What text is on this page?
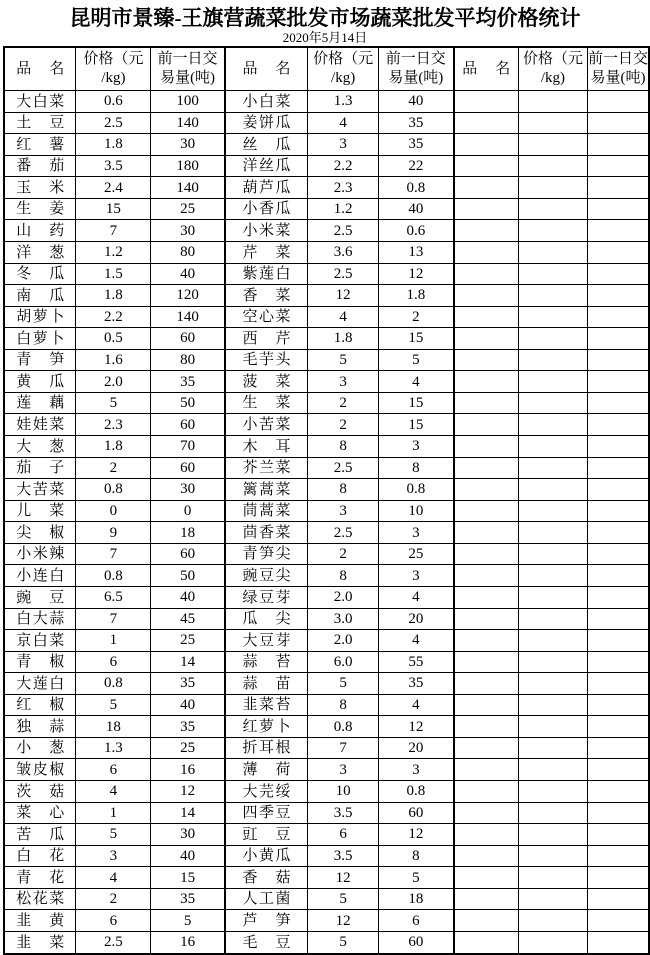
昆明市景臻-王旗营蔬菜批发市场蔬菜批发平均价格统计
2020年5月14日
品名	价格（元
/kg)	前一日交
易量(吨)	品名	价格（元
/kg)	前一日交
易量(吨)	品名	价格（元
/kg)	前一日交
易量(吨)

大白菜	0.6	100	小白菜	1.3	40			
土豆	2.5	140	姜饼瓜	4	35			
红薯	1.8	30	丝瓜	3	35			
番茄	3.5	180	洋丝瓜	2.2	22			
玉米	2.4	140	葫芦瓜	2.3	0.8			
生姜	15	25	小香瓜	1.2	40			
山药	7	30	小米菜	2.5	0.6			
洋葱	1.2	80	芹菜	3.6	13			
冬瓜	1.5	40	紫莲白	2.5	12			
南瓜	1.8	120	香菜	12	1.8			
胡萝卜	2.2	140	空心菜	4	2			
白萝卜	0.5	60	西芹	1.8	15			
青笋	1.6	80	毛芋头	5	5			
黄瓜	2.0	35	菠菜	3	4			
莲藕	5	50	生菜	2	15			
娃娃菜	2.3	60	小苦菜	2	15			
大葱	1.8	70	木耳	8	3			
茄子	2	60	芥兰菜	2.5	8			
大苦菜	0.8	30	篱蒿菜	8	0.8			
儿菜	0	0	茼蒿菜	3	10			
尖椒	9	18	茴香菜	2.5	3			
小米辣	7	60	青笋尖	2	25			
小连白	0.8	50	豌豆尖	8	3			
豌豆	6.5	40	绿豆芽	2.0	4			
白大蒜	7	45	瓜尖	3.0	20			
京白菜	1	25	大豆芽	2.0	4			
青椒	6	14	蒜苔	6.0	55			
大莲白	0.8	35	蒜苗	5	35			
红椒	5	40	韭菜苔	8	4			
独蒜	18	35	红萝卜	0.8	12			
小葱	1.3	25	折耳根	7	20			
皱皮椒	6	16	薄荷	3	3			
茨菇	4	12	大芫绥	10	0.8			
菜心	1	14	四季豆	3.5	60			
苦瓜	5	30	豇豆	6	12			
白花	3	40	小黄瓜	3.5	8			
青花	4	15	香菇	12	5			
松花菜	2	35	人工菌	5	18			
韭黄	6	5	芦笋	12	6			
韭菜	2.5	16	毛豆	5	60			
